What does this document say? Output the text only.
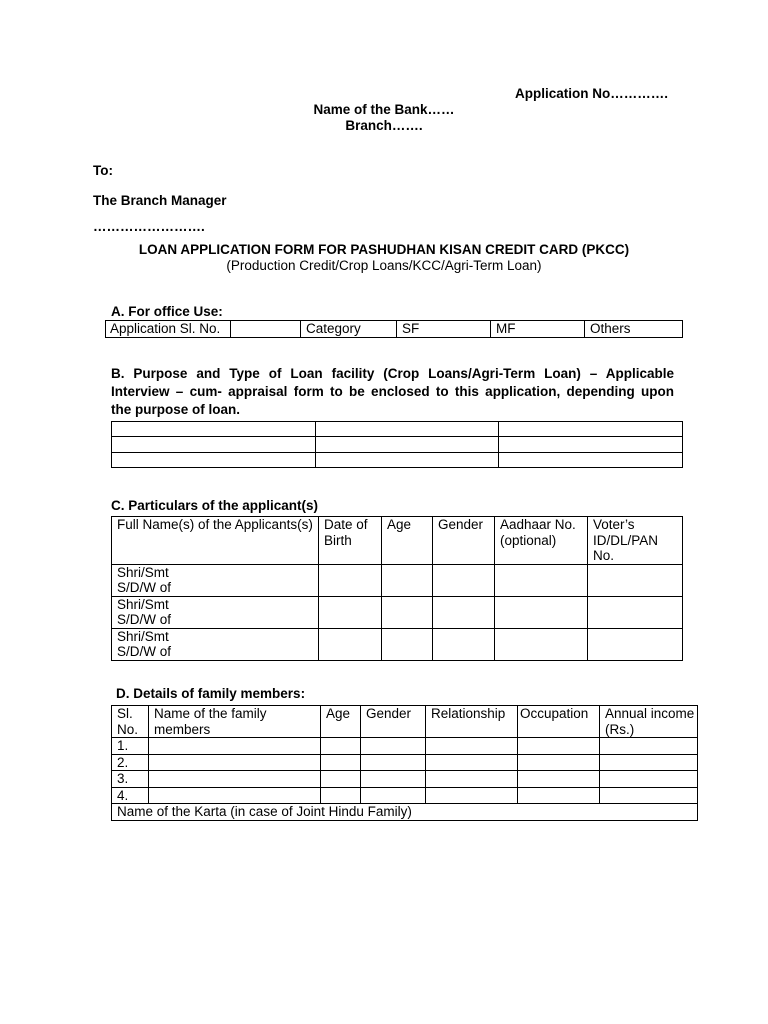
Application No………….
Name of the Bank……
Branch…….
To:
The Branch Manager
…………………….
LOAN APPLICATION FORM FOR PASHUDHAN KISAN CREDIT CARD (PKCC)
(Production Credit/Crop Loans/KCC/Agri-Term Loan)
A. For office Use:
Application Sl. No.		Category	SF	MF	Others
B. Purpose and Type of Loan facility (Crop Loans/Agri-Term Loan) – Applicable
Interview – cum- appraisal form to be enclosed to this application, depending upon
the purpose of loan.

C. Particulars of the applicant(s)
Full Name(s) of the Applicants(s)	Date of Birth	Age	Gender	Aadhaar No. (optional)	Voter’s ID/DL/PAN No.

Shri/Smt
S/D/W of					

Shri/Smt
S/D/W of					

Shri/Smt
S/D/W of					

D. Details of family members:
Sl. No.	Name of the family members	Age	Gender	Relationship	Occupation	Annual income (Rs.)
1.						
2.						
3.						
4.						
Name of the Karta (in case of Joint Hindu Family)						
